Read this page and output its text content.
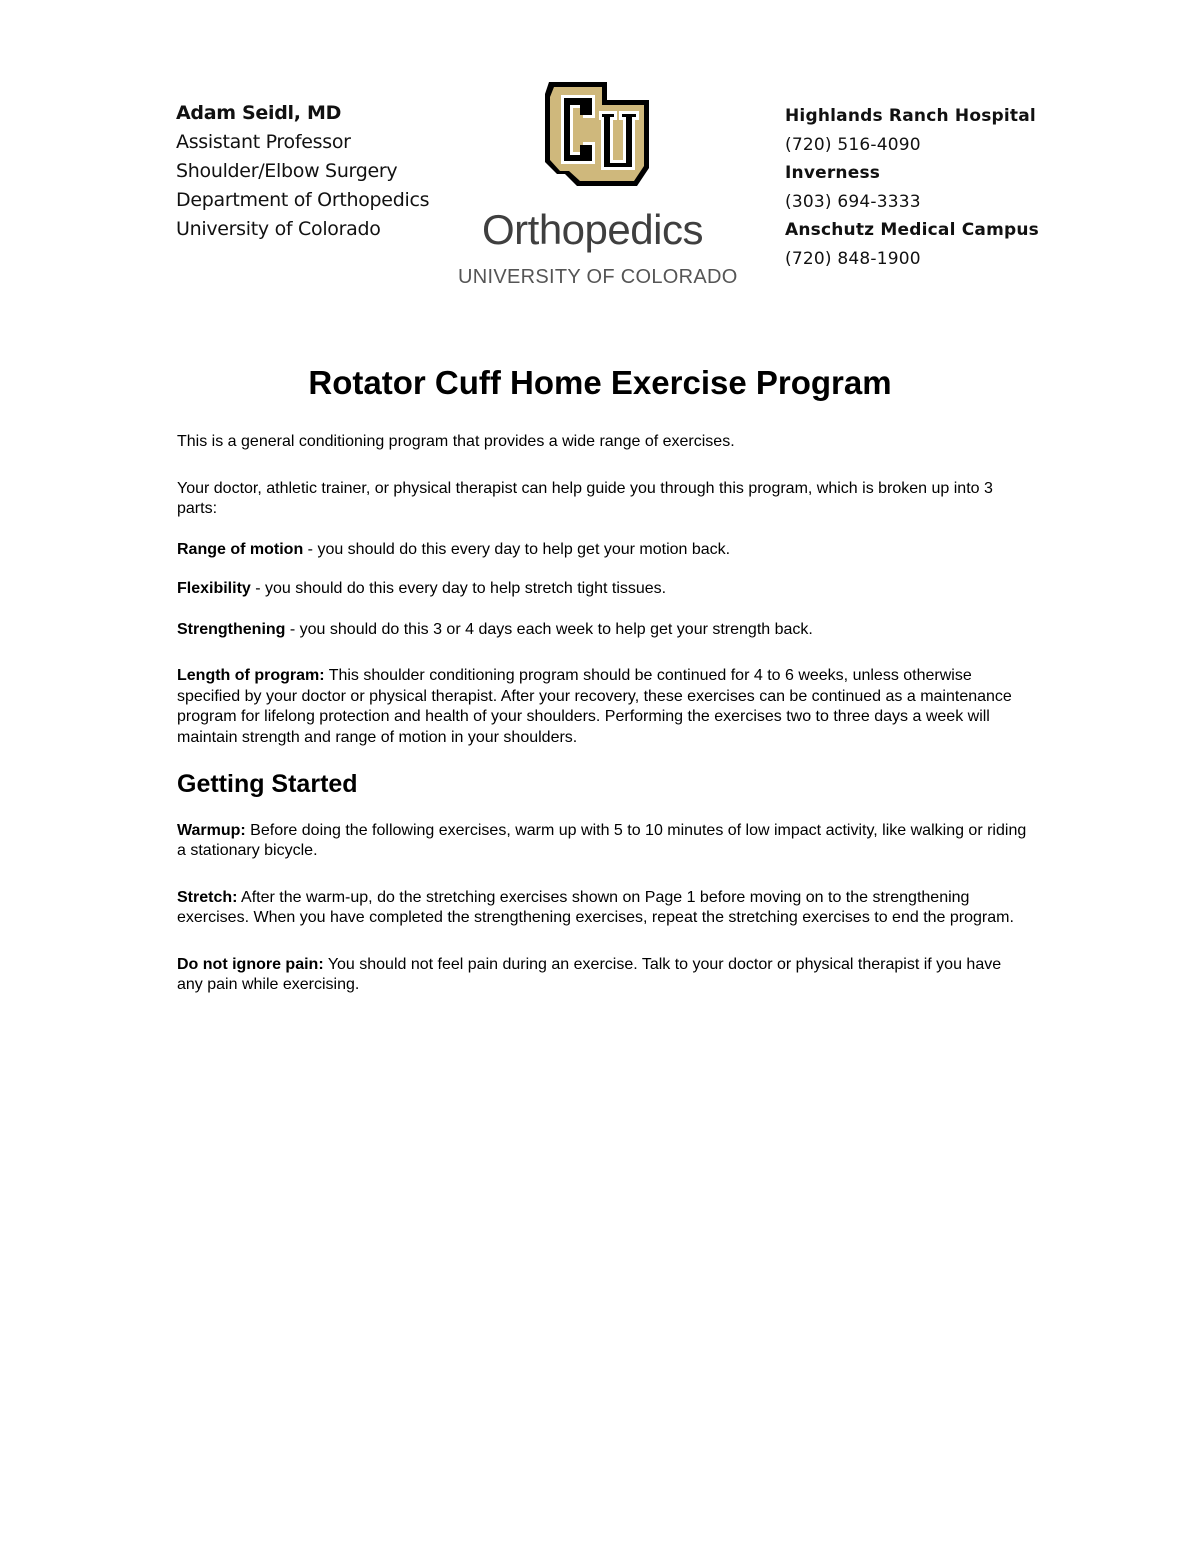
Adam Seidl, MD
Assistant Professor
Shoulder/Elbow Surgery
Department of Orthopedics
University of Colorado	Orthopedics
UNIVERSITY OF COLORADO
Highlands Ranch Hospital
(720) 516-4090
Inverness
(303) 694-3333
Anschutz Medical Campus
(720) 848-1900
Rotator Cuff Home Exercise Program

This is a general conditioning program that provides a wide range of exercises.

Your doctor, athletic trainer, or physical therapist can help guide you through this program, which is broken up into 3 parts:

Range of motion - you should do this every day to help get your motion back.

Flexibility - you should do this every day to help stretch tight tissues.

Strengthening - you should do this 3 or 4 days each week to help get your strength back.

Length of program: This shoulder conditioning program should be continued for 4 to 6 weeks, unless otherwise specified by your doctor or physical therapist. After your recovery, these exercises can be continued as a maintenance program for lifelong protection and health of your shoulders. Performing the exercises two to three days a week will maintain strength and range of motion in your shoulders.

Getting Started

Warmup: Before doing the following exercises, warm up with 5 to 10 minutes of low impact activity, like walking or riding a stationary bicycle.

Stretch: After the warm-up, do the stretching exercises shown on Page 1 before moving on to the strengthening exercises. When you have completed the strengthening exercises, repeat the stretching exercises to end the program.

Do not ignore pain: You should not feel pain during an exercise. Talk to your doctor or physical therapist if you have any pain while exercising.
